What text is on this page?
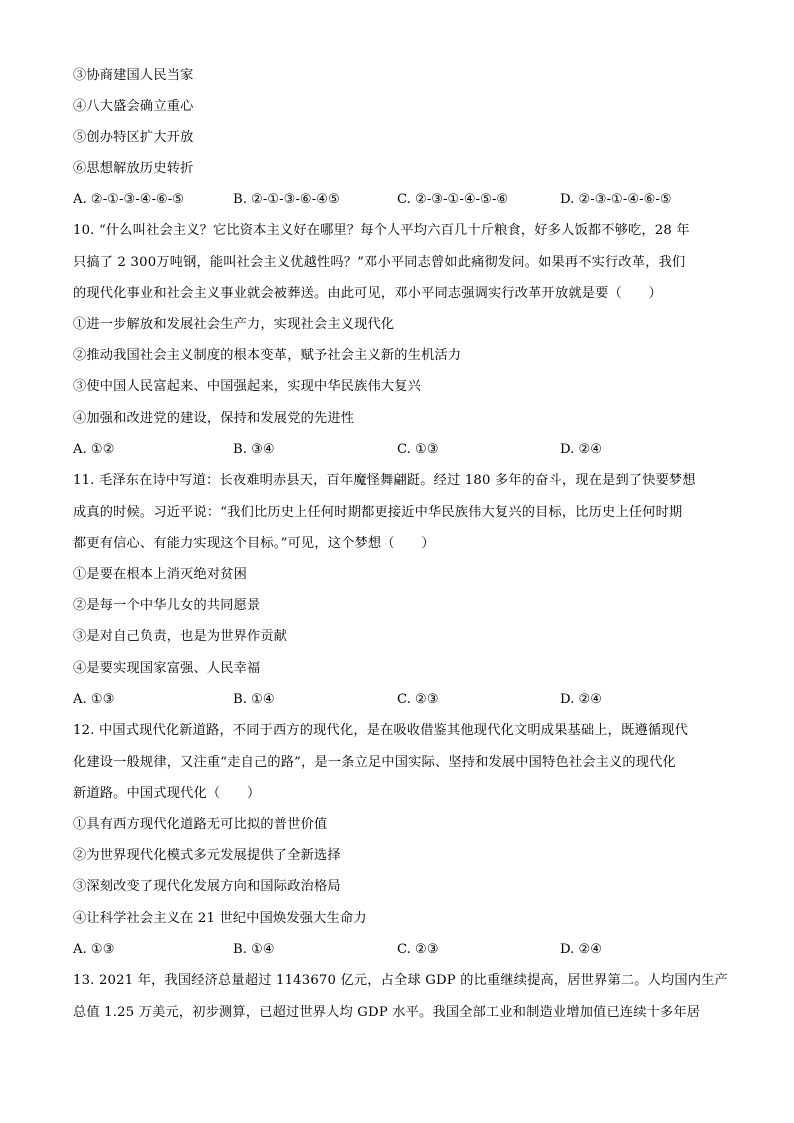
③协商建国人民当家
④八大盛会确立重心
⑤创办特区扩大开放
⑥思想解放历史转折
A. ②-①-③-④-⑥-⑤	B. ②-①-③-⑥-④⑤	C. ②-③-①-④-⑤-⑥	D. ②-③-①-④-⑥-⑤
10. “什么叫社会主义？它比资本主义好在哪里？每个人平均六百几十斤粮食，好多人饭都不够吃，28 年
只搞了 2 300万吨钢，能叫社会主义优越性吗？”邓小平同志曾如此痛彻发问。如果再不实行改革，我们
的现代化事业和社会主义事业就会被葬送。由此可见，邓小平同志强调实行改革开放就是要（　　）
①进一步解放和发展社会生产力，实现社会主义现代化
②推动我国社会主义制度的根本变革，赋予社会主义新的生机活力
③使中国人民富起来、中国强起来，实现中华民族伟大复兴
④加强和改进党的建设，保持和发展党的先进性
A. ①②	B. ③④	C. ①③	D. ②④
11. 毛泽东在诗中写道：长夜难明赤县天，百年魔怪舞翩跹。经过 180 多年的奋斗，现在是到了快要梦想
成真的时候。习近平说：“我们比历史上任何时期都更接近中华民族伟大复兴的目标，比历史上任何时期
都更有信心、有能力实现这个目标。”可见，这个梦想（　　）
①是要在根本上消灭绝对贫困
②是每一个中华儿女的共同愿景
③是对自己负责，也是为世界作贡献
④是要实现国家富强、人民幸福
A. ①③	B. ①④	C. ②③	D. ②④
12. 中国式现代化新道路，不同于西方的现代化，是在吸收借鉴其他现代化文明成果基础上，既遵循现代
化建设一般规律，又注重“走自己的路”，是一条立足中国实际、坚持和发展中国特色社会主义的现代化
新道路。中国式现代化（　　）
①具有西方现代化道路无可比拟的普世价值
②为世界现代化模式多元发展提供了全新选择
③深刻改变了现代化发展方向和国际政治格局
④让科学社会主义在 21 世纪中国焕发强大生命力
A. ①③	B. ①④	C. ②③	D. ②④
13. 2021 年，我国经济总量超过 1143670 亿元，占全球 GDP 的比重继续提高，居世界第二。人均国内生产
总值 1.25 万美元，初步测算，已超过世界人均 GDP 水平。我国全部工业和制造业增加值已连续十多年居
